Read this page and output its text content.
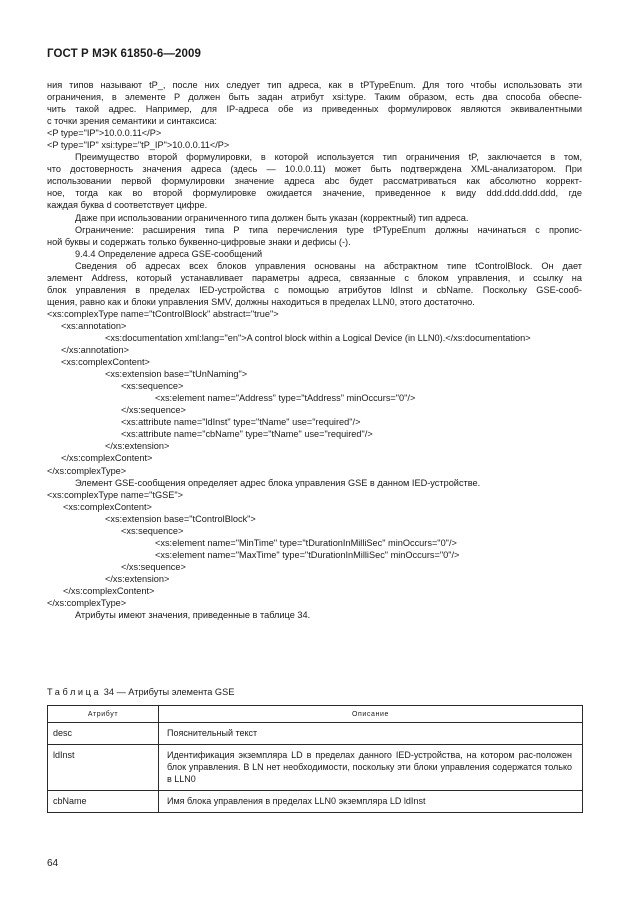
ГОСТ Р МЭК 61850-6—2009
ния типов называют tP_, после них следует тип адреса, как в tPTypeEnum. Для того чтобы использовать эти
ограничения, в элементе P должен быть задан атрибут xsi:type. Таким образом, есть два способа обеспе-
чить такой адрес. Например, для IP-адреса обе из приведенных формулировок являются эквивалентными
с точки зрения семантики и синтаксиса:
<P type="IP">10.0.0.11</P>
<P type="IP" xsi:type="tP_IP">10.0.0.11</P>
Преимущество второй формулировки, в которой используется тип ограничения tP, заключается в том,
что достоверность значения адреса (здесь — 10.0.0.11) может быть подтверждена XML-анализатором. При
использовании первой формулировки значение адреса abc будет рассматриваться как абсолютно коррект-
ное, тогда как во второй формулировке ожидается значение, приведенное к виду ddd.ddd.ddd.ddd, где
каждая буква d соответствует цифре.
Даже при использовании ограниченного типа должен быть указан (корректный) тип адреса.
Ограничение: расширения типа P типа перечисления type tPTypeEnum должны начинаться с пропис-
ной буквы и содержать только буквенно-цифровые знаки и дефисы (-).
9.4.4 Определение адреса GSE-сообщений
Сведения об адресах всех блоков управления основаны на абстрактном типе tControlBlock. Он дает
элемент Address, который устанавливает параметры адреса, связанные с блоком управления, и ссылку на
блок управления в пределах IED-устройства с помощью атрибутов ldInst и cbName. Поскольку GSE-сооб-
щения, равно как и блоки управления SMV, должны находиться в пределах LLN0, этого достаточно.
<xs:complexType name="tControlBlock" abstract="true">
<xs:annotation>
<xs:documentation xml:lang="en">A control block within a Logical Device (in LLN0).</xs:documentation>
</xs:annotation>
<xs:complexContent>
<xs:extension base="tUnNaming">
<xs:sequence>
<xs:element name="Address" type="tAddress" minOccurs="0"/>
</xs:sequence>
<xs:attribute name="ldInst" type="tName" use="required"/>
<xs:attribute name="cbName" type="tName" use="required"/>
</xs:extension>
</xs:complexContent>
</xs:complexType>
Элемент GSE-сообщения определяет адрес блока управления GSE в данном IED-устройстве.
<xs:complexType name="tGSE">
<xs:complexContent>
<xs:extension base="tControlBlock">
<xs:sequence>
<xs:element name="MinTime" type="tDurationInMilliSec" minOccurs="0"/>
<xs:element name="MaxTime" type="tDurationInMilliSec" minOccurs="0"/>
</xs:sequence>
</xs:extension>
</xs:complexContent>
</xs:complexType>
Атрибуты имеют значения, приведенные в таблице 34.
Таблица 34 — Атрибуты элемента GSE
Атрибут	Описание
desc	Пояснительный текст
ldInst	Идентификация экземпляра LD в пределах данного IED-устройства, на котором рас-положен блок управления. В LN нет необходимости, поскольку эти блоки управления содержатся только в LLN0
cbName	Имя блока управления в пределах LLN0 экземпляра LD ldInst
64
